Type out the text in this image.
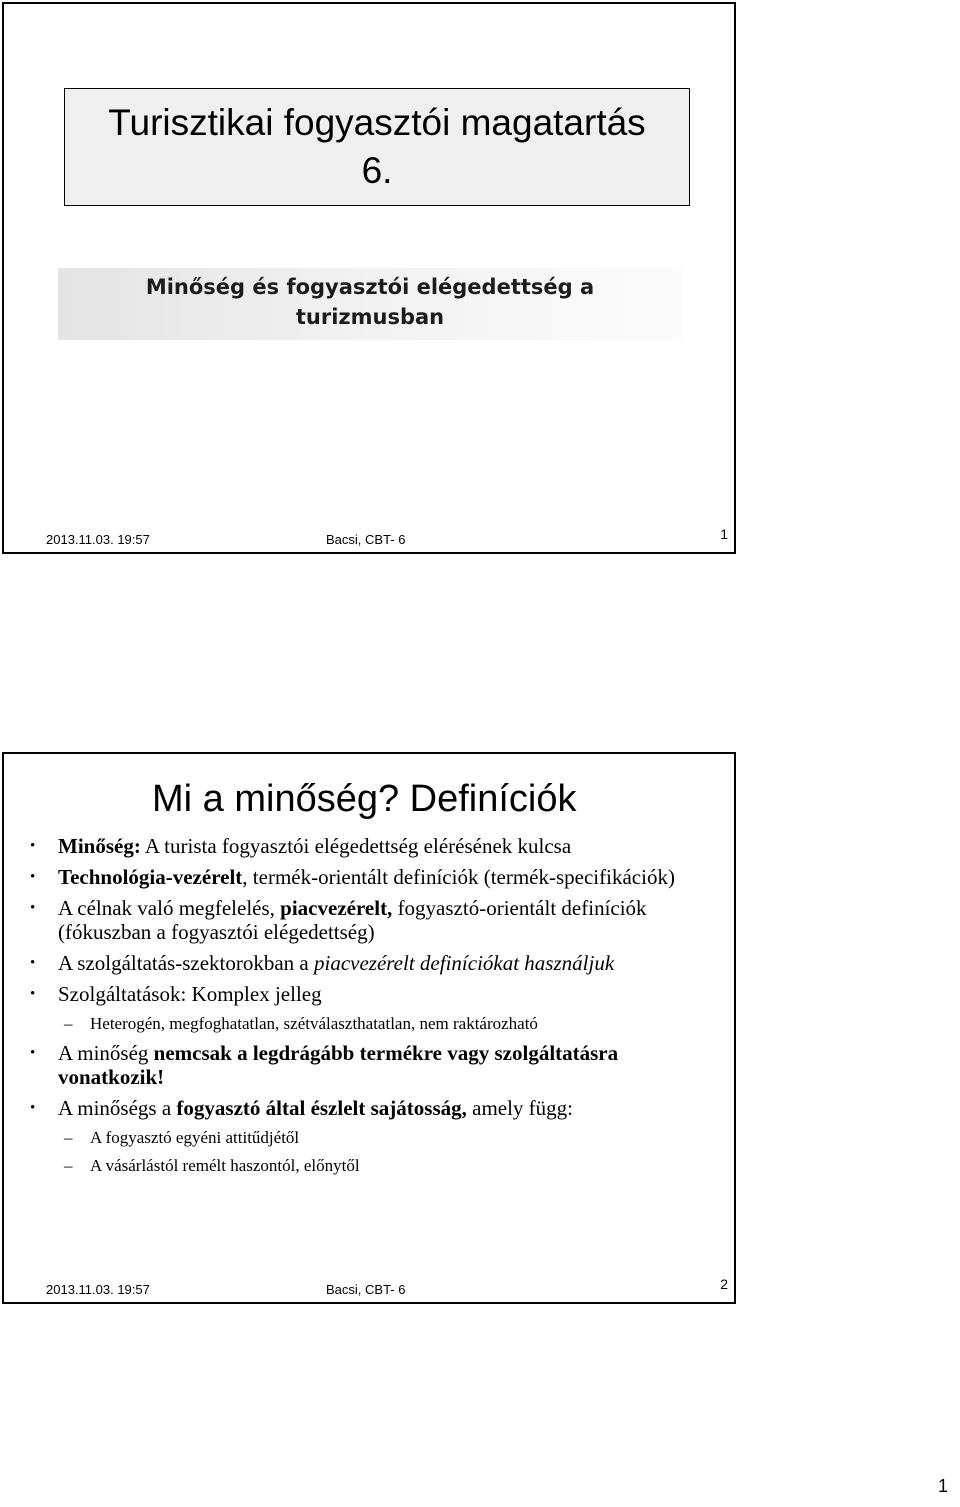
Turisztikai fogyasztói magatartás
6.
Minőség és fogyasztói elégedettség a
turizmusban
2013.11.03. 19:57	Bacsi, CBT- 6	1
Mi a minőség? Definíciók
• Minőség: A turista fogyasztói elégedettség elérésének kulcsa
• Technológia-vezérelt, termék-orientált definíciók (termék-specifikációk)
• A célnak való megfelelés, piacvezérelt, fogyasztó-orientált definíciók (fókuszban a fogyasztói elégedettség)
• A szolgáltatás-szektorokban a piacvezérelt definíciókat használjuk
• Szolgáltatások: Komplex jelleg
– Heterogén, megfoghatatlan, szétválaszthatatlan, nem raktározható
• A minőség nemcsak a legdrágább termékre vagy szolgáltatásra vonatkozik!
• A minőségs a fogyasztó által észlelt sajátosság, amely függ:
– A fogyasztó egyéni attitűdjétől
– A vásárlástól remélt haszontól, előnytől
2013.11.03. 19:57	Bacsi, CBT- 6	2
1
